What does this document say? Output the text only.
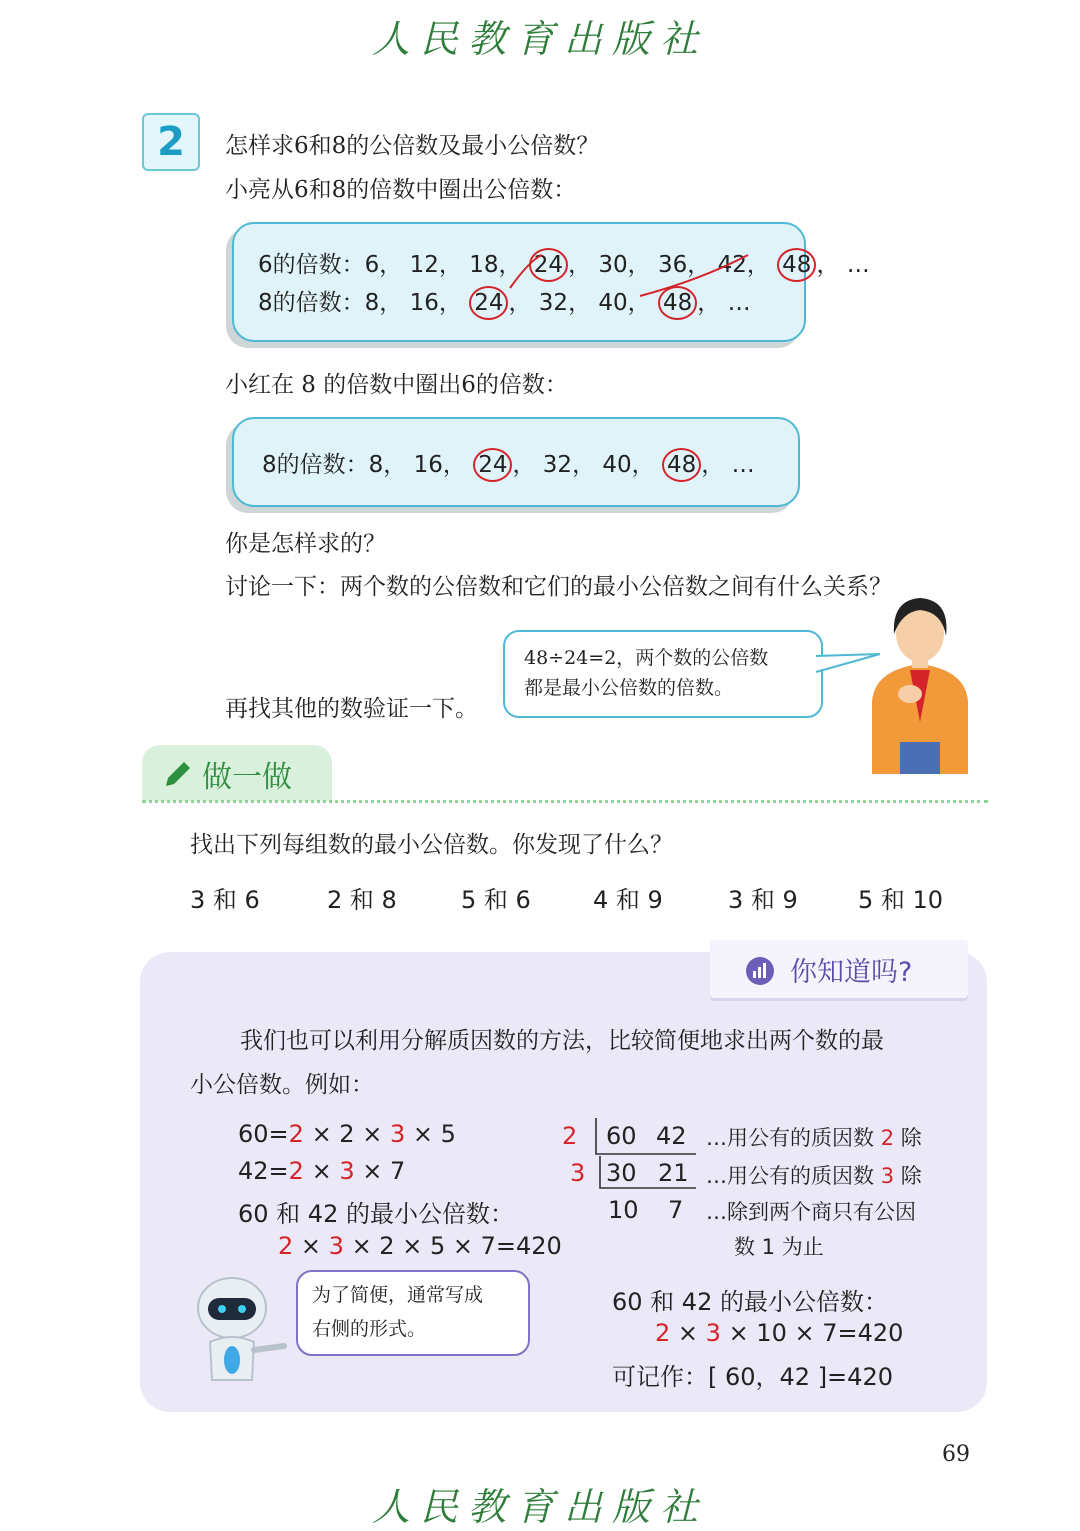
人民教育出版社
2	怎样求6和8的公倍数及最小公倍数？
小亮从6和8的倍数中圈出公倍数：
6的倍数：6， 12， 18， 24 ， 30， 36， 42， 48 ， …
8的倍数：8， 16， 24 ， 32， 40， 48 ， …
小红在 8 的倍数中圈出6的倍数：
8的倍数：8， 16， 24 ， 32， 40， 48 ， …
你是怎样求的？
讨论一下：两个数的公倍数和它们的最小公倍数之间有什么关系？
再找其他的数验证一下。
48÷24=2，两个数的公倍数
都是最小公倍数的倍数。
做一做
找出下列每组数的最小公倍数。你发现了什么？
3 和 6	2 和 8	5 和 6	4 和 9	3 和 9	5 和 10
你知道吗?
我们也可以利用分解质因数的方法，比较简便地求出两个数的最
小公倍数。例如：
60=2 × 2 × 3 × 5
42=2 × 3 × 7
60 和 42 的最小公倍数：
2 × 3 × 2 × 5 × 7=420
为了简便，通常写成
右侧的形式。
2 60 42
3 30 21
10 7
…用公有的质因数 2 除
…用公有的质因数 3 除
…除到两个商只有公因
数 1 为止
60 和 42 的最小公倍数：
2 × 3 × 10 × 7=420
可记作：[ 60，42 ]=420
69
人民教育出版社
